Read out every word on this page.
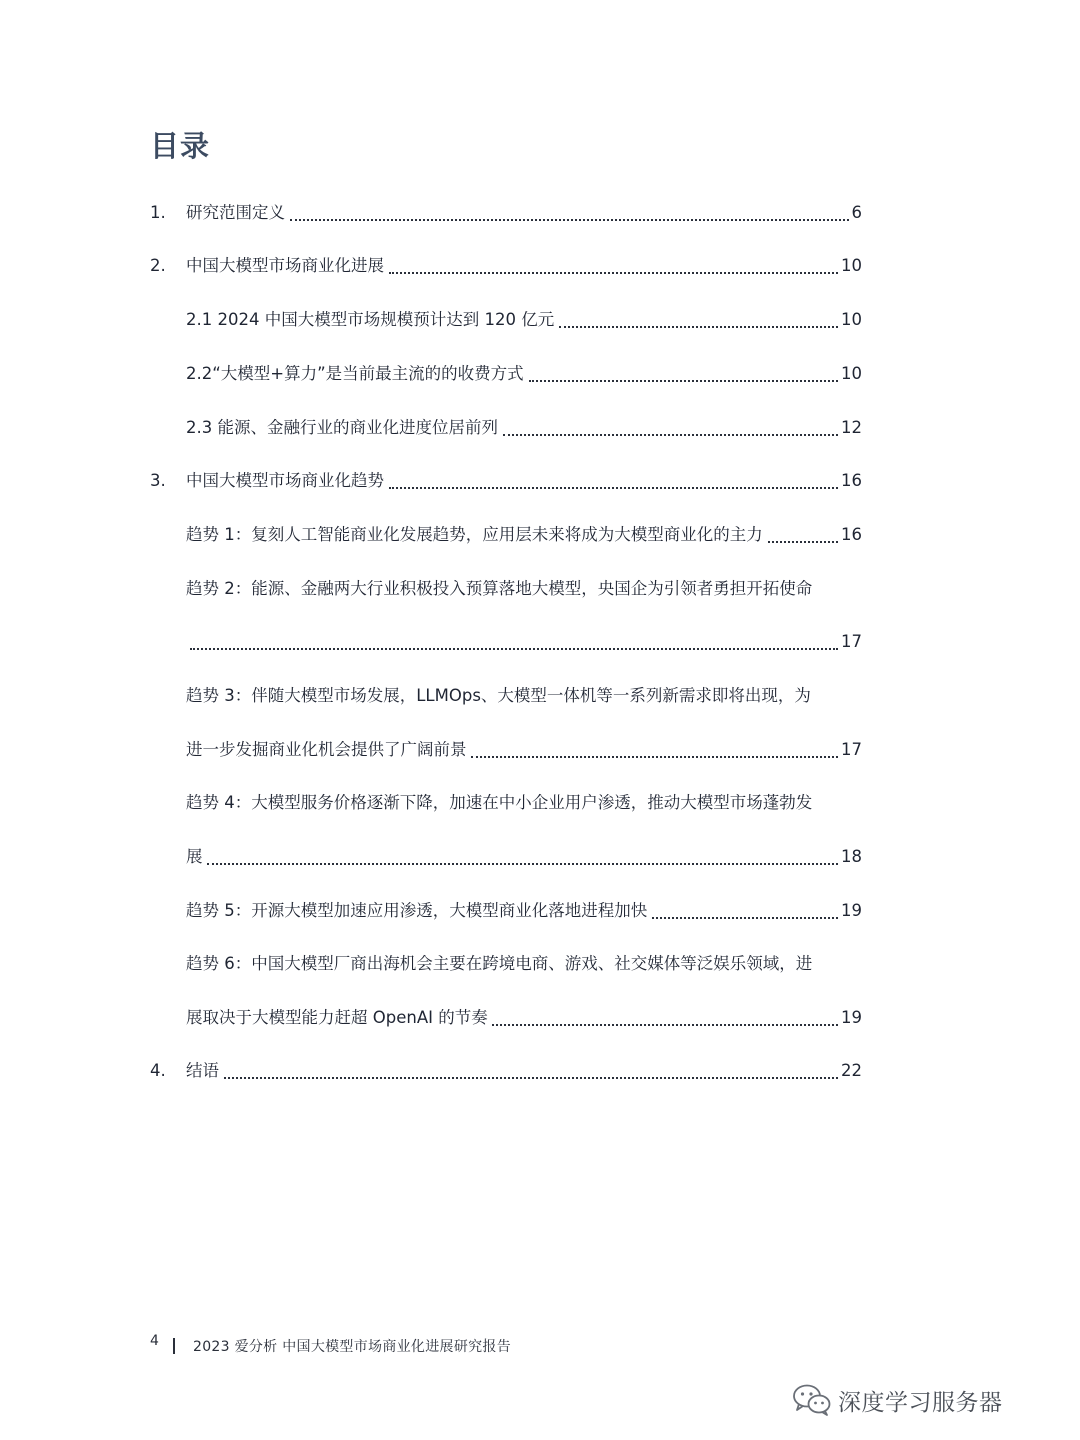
目录
1. 研究范围定义	6
2. 中国大模型市场商业化进展	10
2.1 2024 中国大模型市场规模预计达到 120 亿元	10
2.2“大模型+算力”是当前最主流的的收费方式	10
2.3 能源、金融行业的商业化进度位居前列	12
3. 中国大模型市场商业化趋势	16
趋势 1：复刻人工智能商业化发展趋势，应用层未来将成为大模型商业化的主力	16
趋势 2：能源、金融两大行业积极投入预算落地大模型，央国企为引领者勇担开拓使命
17
趋势 3：伴随大模型市场发展，LLMOps、大模型一体机等一系列新需求即将出现，为
进一步发掘商业化机会提供了广阔前景	17
趋势 4：大模型服务价格逐渐下降，加速在中小企业用户渗透，推动大模型市场蓬勃发
展	18
趋势 5：开源大模型加速应用渗透，大模型商业化落地进程加快	19
趋势 6：中国大模型厂商出海机会主要在跨境电商、游戏、社交媒体等泛娱乐领域，进
展取决于大模型能力赶超 OpenAI 的节奏	19
4. 结语	22
4 2023 爱分析 中国大模型市场商业化进展研究报告
深度学习服务器
